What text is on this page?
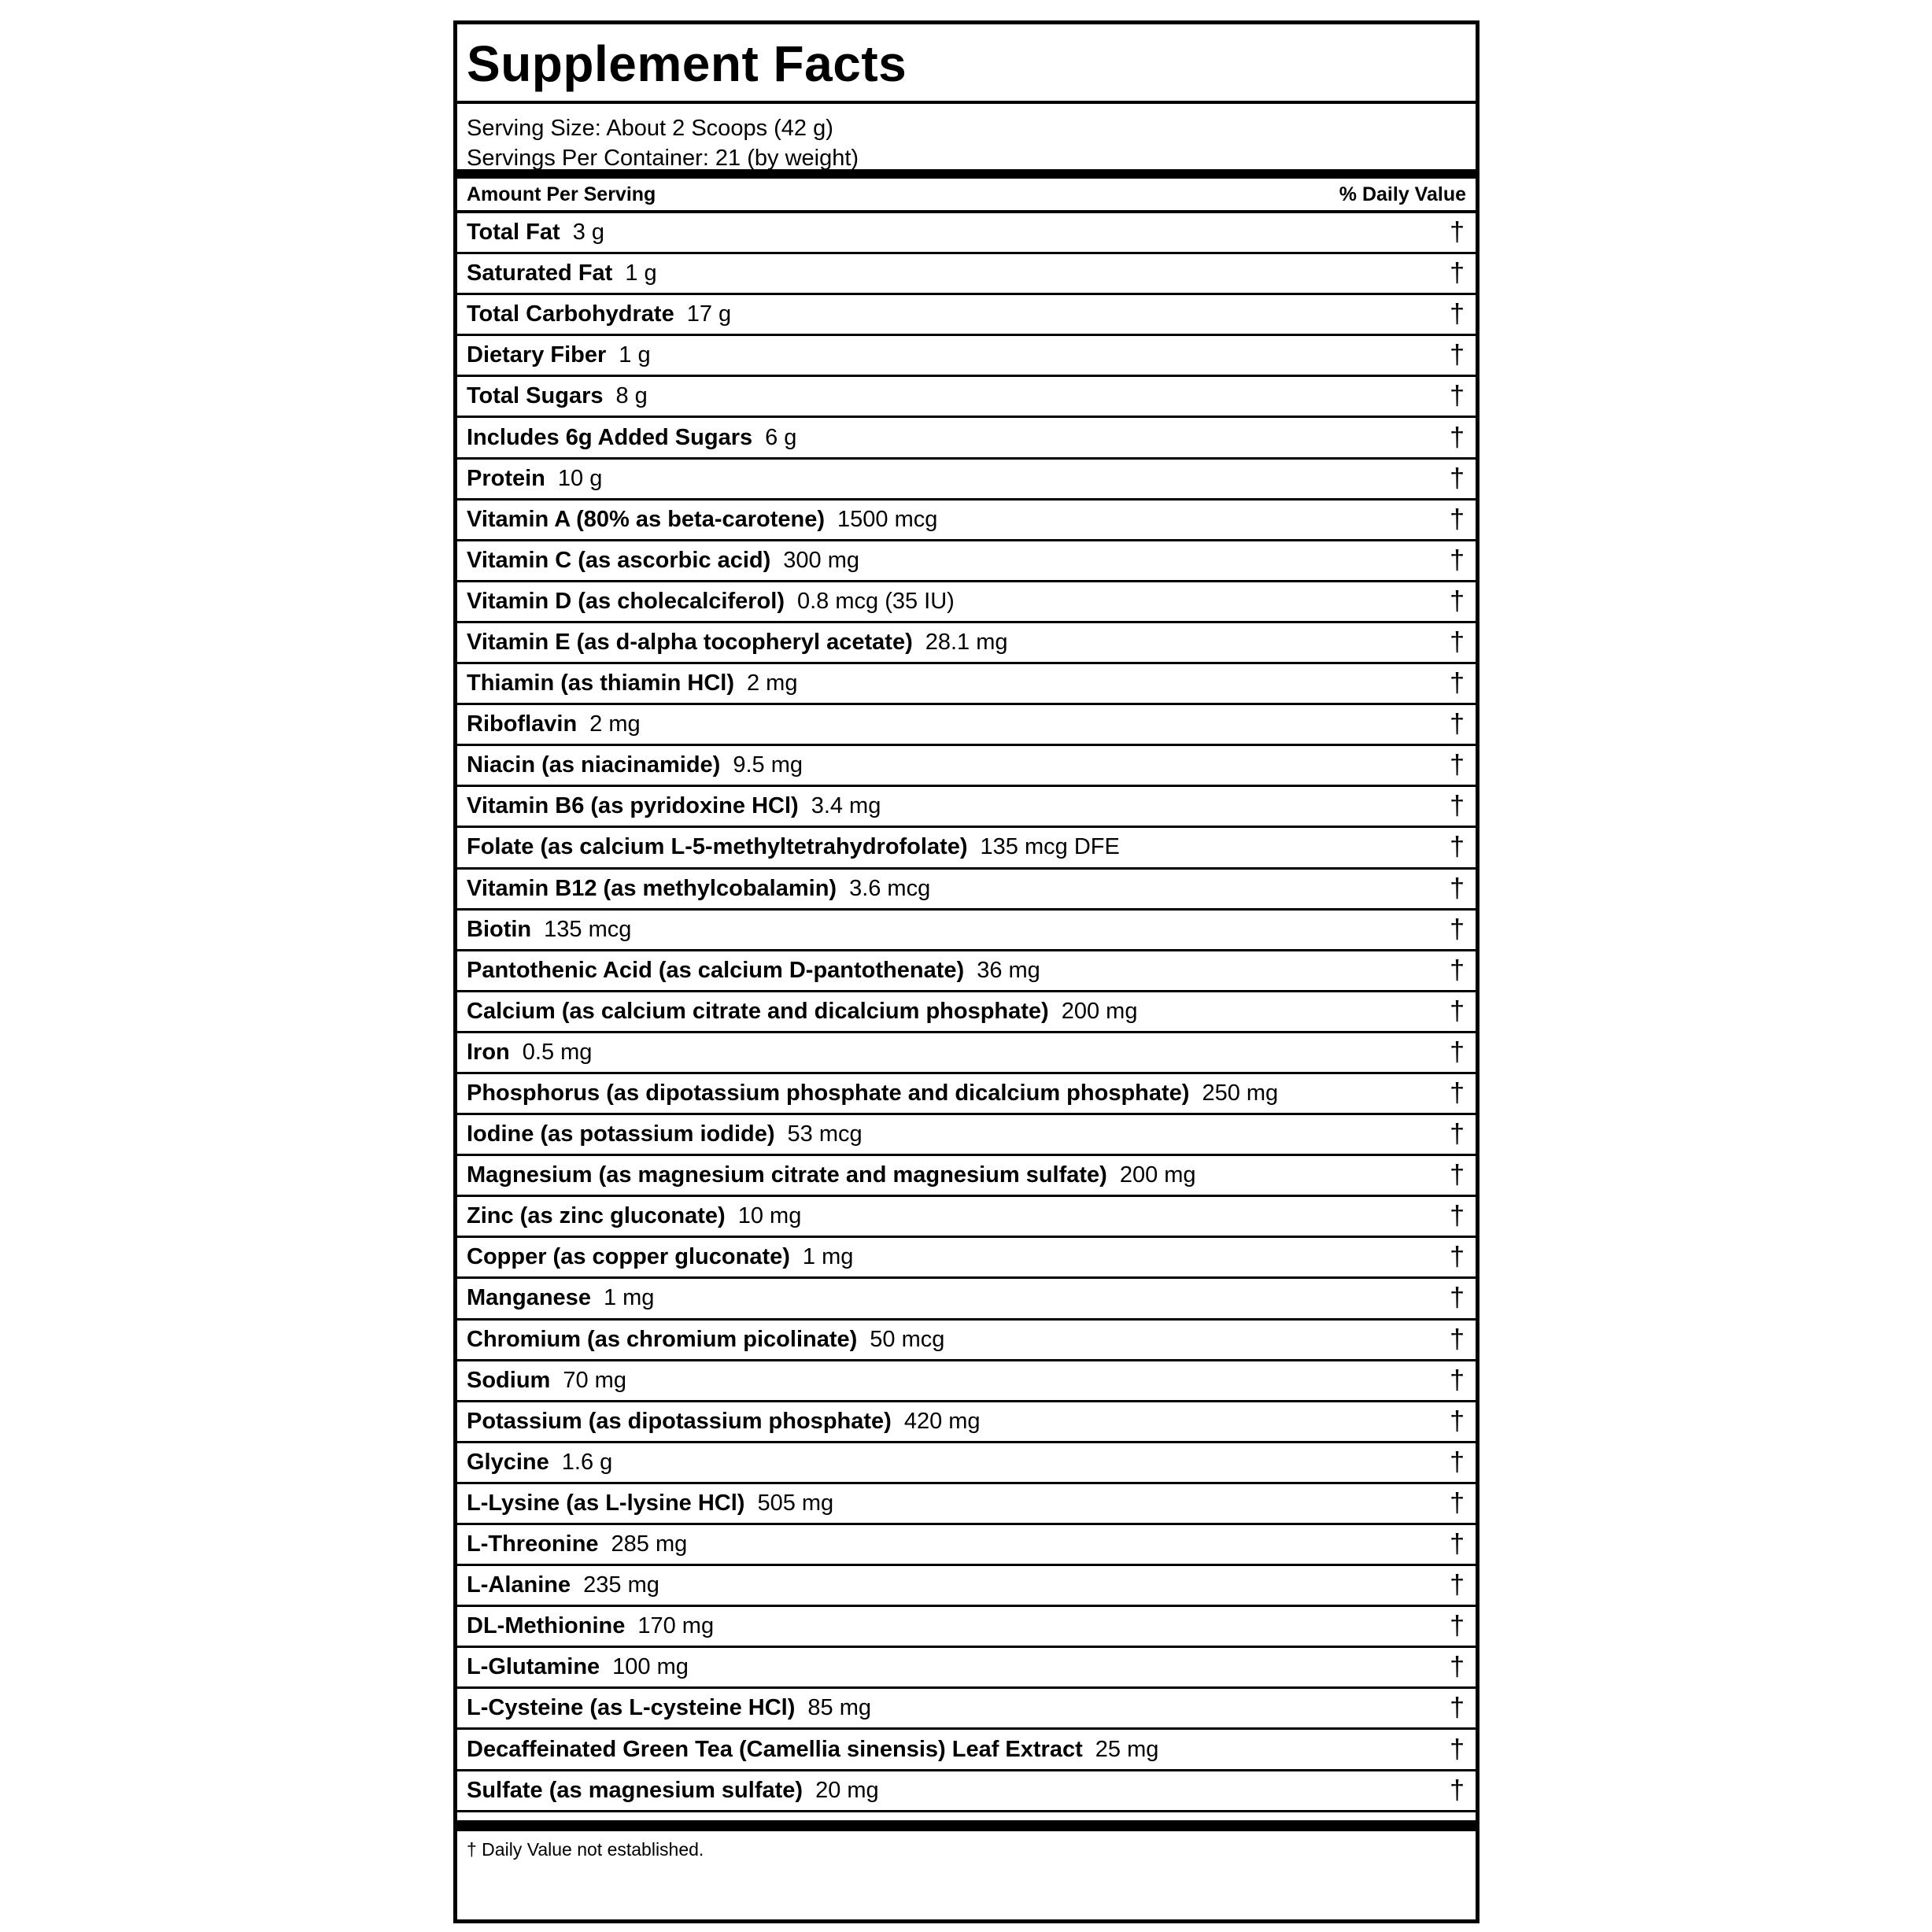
Supplement Facts
Serving Size: About 2 Scoops (42 g)
Servings Per Container: 21 (by weight)
Amount Per Serving	% Daily Value
Total Fat 3 g	†
Saturated Fat 1 g	†
Total Carbohydrate 17 g	†
Dietary Fiber 1 g	†
Total Sugars 8 g	†
Includes 6g Added Sugars 6 g	†
Protein 10 g	†
Vitamin A (80% as beta-carotene) 1500 mcg	†
Vitamin C (as ascorbic acid) 300 mg	†
Vitamin D (as cholecalciferol) 0.8 mcg (35 IU)	†
Vitamin E (as d-alpha tocopheryl acetate) 28.1 mg	†
Thiamin (as thiamin HCl) 2 mg	†
Riboflavin 2 mg	†
Niacin (as niacinamide) 9.5 mg	†
Vitamin B6 (as pyridoxine HCl) 3.4 mg	†
Folate (as calcium L-5-methyltetrahydrofolate) 135 mcg DFE	†
Vitamin B12 (as methylcobalamin) 3.6 mcg	†
Biotin 135 mcg	†
Pantothenic Acid (as calcium D-pantothenate) 36 mg	†
Calcium (as calcium citrate and dicalcium phosphate) 200 mg	†
Iron 0.5 mg	†
Phosphorus (as dipotassium phosphate and dicalcium phosphate) 250 mg	†
Iodine (as potassium iodide) 53 mcg	†
Magnesium (as magnesium citrate and magnesium sulfate) 200 mg	†
Zinc (as zinc gluconate) 10 mg	†
Copper (as copper gluconate) 1 mg	†
Manganese 1 mg	†
Chromium (as chromium picolinate) 50 mcg	†
Sodium 70 mg	†
Potassium (as dipotassium phosphate) 420 mg	†
Glycine 1.6 g	†
L-Lysine (as L-lysine HCl) 505 mg	†
L-Threonine 285 mg	†
L-Alanine 235 mg	†
DL-Methionine 170 mg	†
L-Glutamine 100 mg	†
L-Cysteine (as L-cysteine HCl) 85 mg	†
Decaffeinated Green Tea (Camellia sinensis) Leaf Extract 25 mg	†
Sulfate (as magnesium sulfate) 20 mg	†
† Daily Value not established.
